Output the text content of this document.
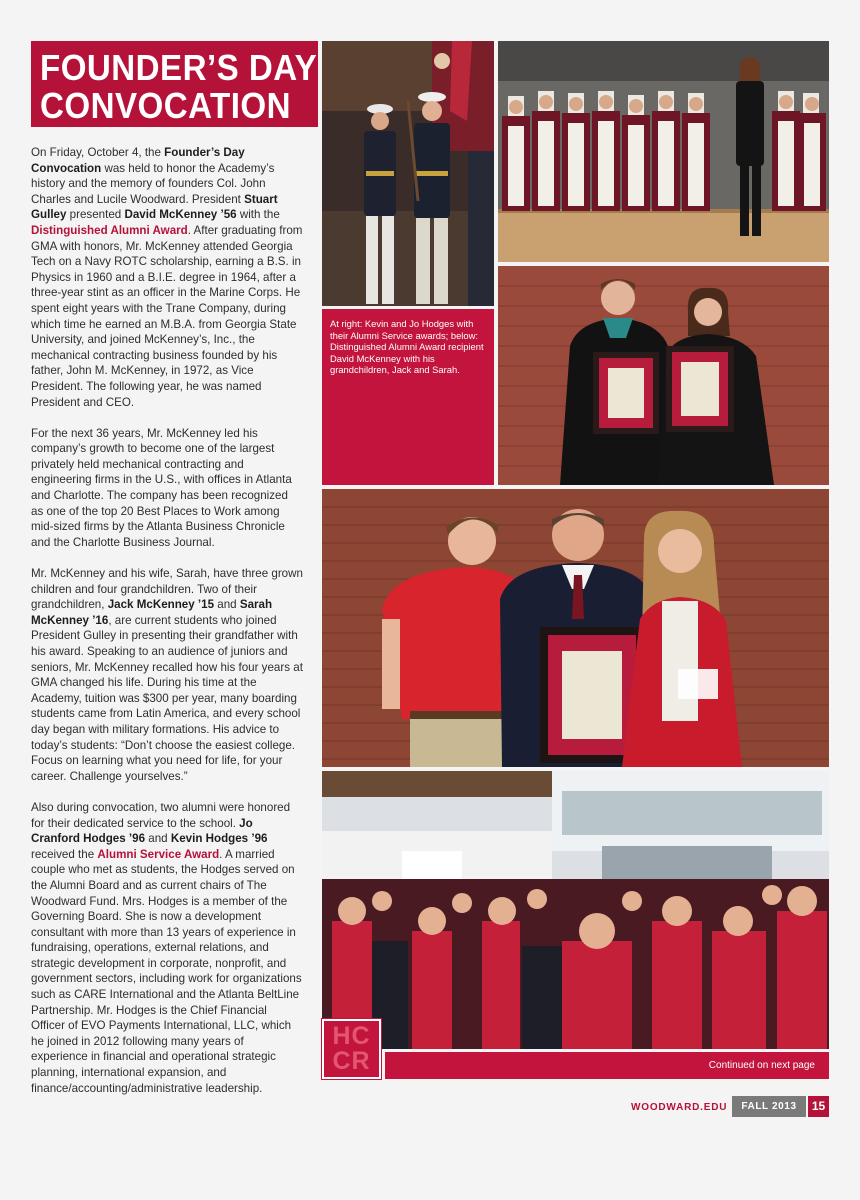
FOUNDER’S DAY
CONVOCATION

On Friday, October 4, the Founder’s Day Convocation was held to honor the Academy’s history and the memory of founders Col. John Charles and Lucile Woodward. President Stuart Gulley presented David McKenney ’56 with the Distinguished Alumni Award. After graduating from GMA with honors, Mr. McKenney attended Georgia Tech on a Navy ROTC scholarship, earning a B.S. in Physics in 1960 and a B.I.E. degree in 1964, after a three-year stint as an officer in the Marine Corps. He spent eight years with the Trane Company, during which time he earned an M.B.A. from Georgia State University, and joined McKenney’s, Inc., the mechanical contracting business founded by his father, John M. McKenney, in 1972, as Vice President. The following year, he was named President and CEO.

For the next 36 years, Mr. McKenney led his company’s growth to become one of the largest privately held mechanical contracting and engineering firms in the U.S., with offices in Atlanta and Charlotte. The company has been recognized as one of the top 20 Best Places to Work among mid-sized firms by the Atlanta Business Chronicle and the Charlotte Business Journal.

Mr. McKenney and his wife, Sarah, have three grown children and four grandchildren. Two of their grandchildren, Jack McKenney ’15 and Sarah McKenney ’16, are current students who joined President Gulley in presenting their grandfather with his award. Speaking to an audience of juniors and seniors, Mr. McKenney recalled how his four years at GMA changed his life. During his time at the Academy, tuition was $300 per year, many boarding students came from Latin America, and every school day began with military formations. His advice to today’s students: “Don’t choose the easiest college. Focus on learning what you need for life, for your career. Challenge yourselves.”

Also during convocation, two alumni were honored for their dedicated service to the school. Jo Cranford Hodges ’96 and Kevin Hodges ’96 received the Alumni Service Award. A married couple who met as students, the Hodges served on the Alumni Board and as current chairs of The Woodward Fund. Mrs. Hodges is a member of the Governing Board. She is now a development consultant with more than 13 years of experience in fundraising, operations, external relations, and strategic development in corporate, nonprofit, and government sectors, including work for organizations such as CARE International and the Atlanta BeltLine Partnership. Mr. Hodges is the Chief Financial Officer of EVO Payments International, LLC, which he joined in 2012 following many years of experience in financial and operational strategic planning, international expansion, and finance/accounting/administrative leadership.

At right: Kevin and Jo Hodges with their Alumni Service awards; below: Distinguished Alumni Award recipient David McKenney with his grandchildren, Jack and Sarah.
HC
CR	Continued on next page
WOODWARD.EDU	FALL 2013	15
